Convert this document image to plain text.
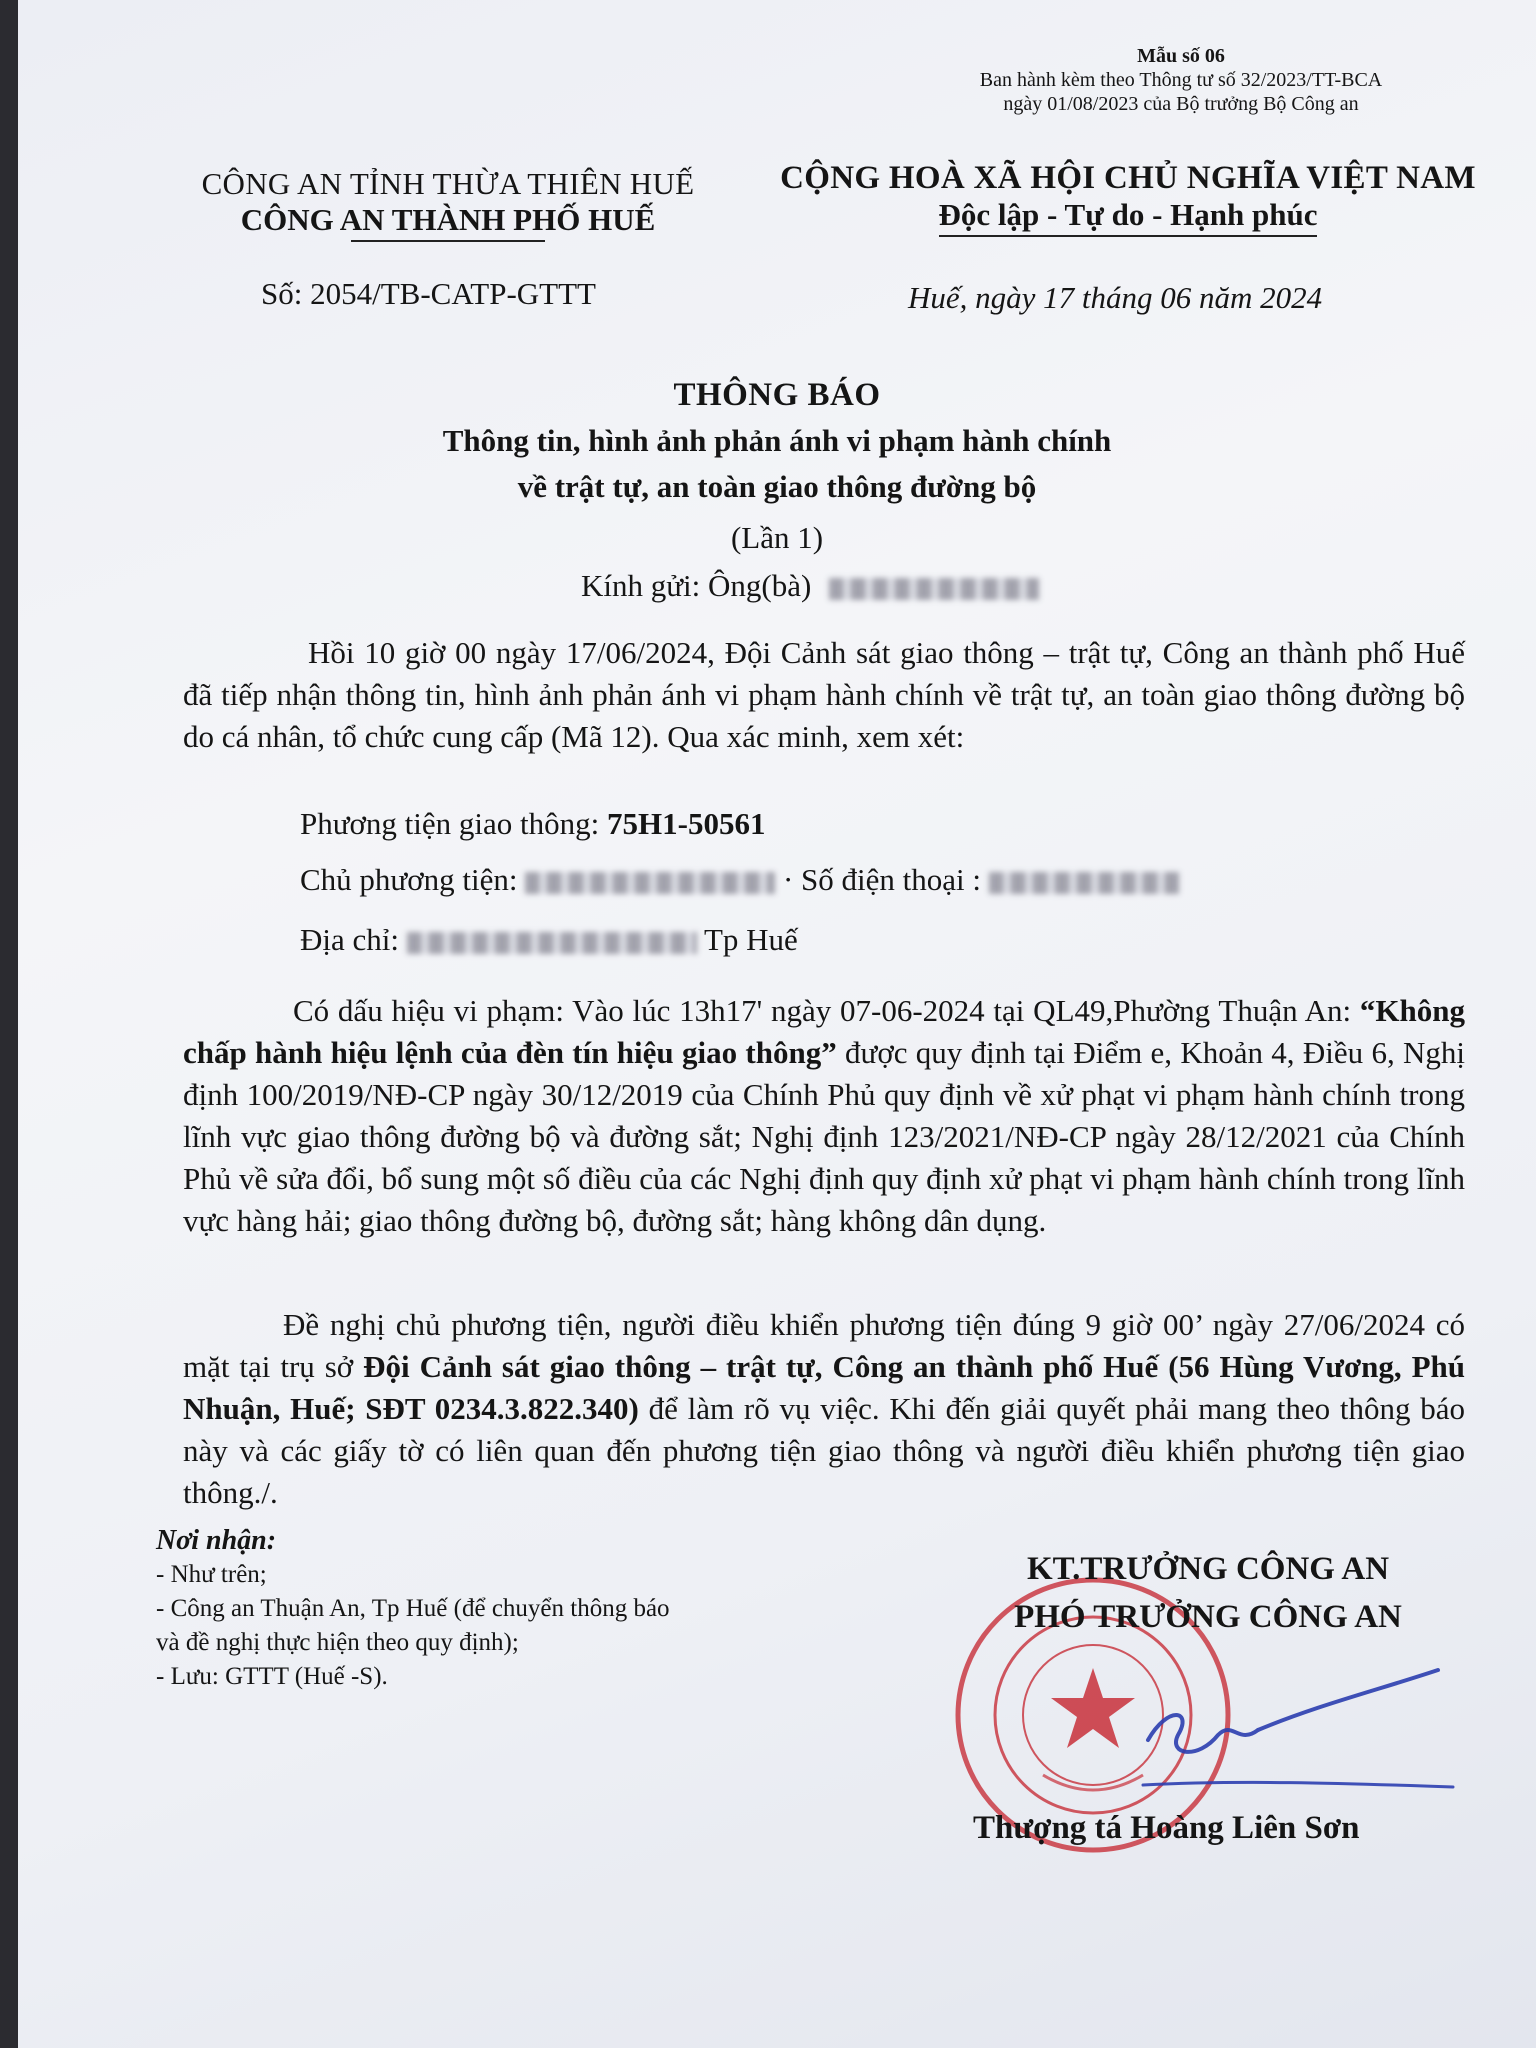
Mẫu số 06
Ban hành kèm theo Thông tư số 32/2023/TT-BCA
ngày 01/08/2023 của Bộ trưởng Bộ Công an
CÔNG AN TỈNH THỪA THIÊN HUẾ
CÔNG AN THÀNH PHỐ HUẾ
CỘNG HOÀ XÃ HỘI CHỦ NGHĨA VIỆT NAM
Độc lập - Tự do - Hạnh phúc
Số: 2054/TB-CATP-GTTT	Huế, ngày 17 tháng 06 năm 2024
THÔNG BÁO
Thông tin, hình ảnh phản ánh vi phạm hành chính
về trật tự, an toàn giao thông đường bộ
(Lần 1)
Kính gửi: Ông(bà)
Hồi 10 giờ 00 ngày 17/06/2024, Đội Cảnh sát giao thông – trật tự, Công an thành phố Huế đã tiếp nhận thông tin, hình ảnh phản ánh vi phạm hành chính về trật tự, an toàn giao thông đường bộ do cá nhân, tổ chức cung cấp (Mã 12). Qua xác minh, xem xét:
Phương tiện giao thông: 75H1-50561
Chủ phương tiện:	· Số điện thoại :
Địa chỉ:	Tp Huế
Có dấu hiệu vi phạm: Vào lúc 13h17' ngày 07-06-2024 tại QL49,Phường Thuận An: “Không chấp hành hiệu lệnh của đèn tín hiệu giao thông” được quy định tại Điểm e, Khoản 4, Điều 6, Nghị định 100/2019/NĐ-CP ngày 30/12/2019 của Chính Phủ quy định về xử phạt vi phạm hành chính trong lĩnh vực giao thông đường bộ và đường sắt; Nghị định 123/2021/NĐ-CP ngày 28/12/2021 của Chính Phủ về sửa đổi, bổ sung một số điều của các Nghị định quy định xử phạt vi phạm hành chính trong lĩnh vực hàng hải; giao thông đường bộ, đường sắt; hàng không dân dụng.
Đề nghị chủ phương tiện, người điều khiển phương tiện đúng 9 giờ 00’ ngày 27/06/2024 có mặt tại trụ sở Đội Cảnh sát giao thông – trật tự, Công an thành phố Huế (56 Hùng Vương, Phú Nhuận, Huế; SĐT 0234.3.822.340) để làm rõ vụ việc. Khi đến giải quyết phải mang theo thông báo này và các giấy tờ có liên quan đến phương tiện giao thông và người điều khiển phương tiện giao thông./.
Nơi nhận:
- Như trên;
- Công an Thuận An, Tp Huế (để chuyển thông báo
và đề nghị thực hiện theo quy định);
- Lưu: GTTT (Huế -S).
KT.TRƯỞNG CÔNG AN
PHÓ TRƯỞNG CÔNG AN
Thượng tá Hoàng Liên Sơn
